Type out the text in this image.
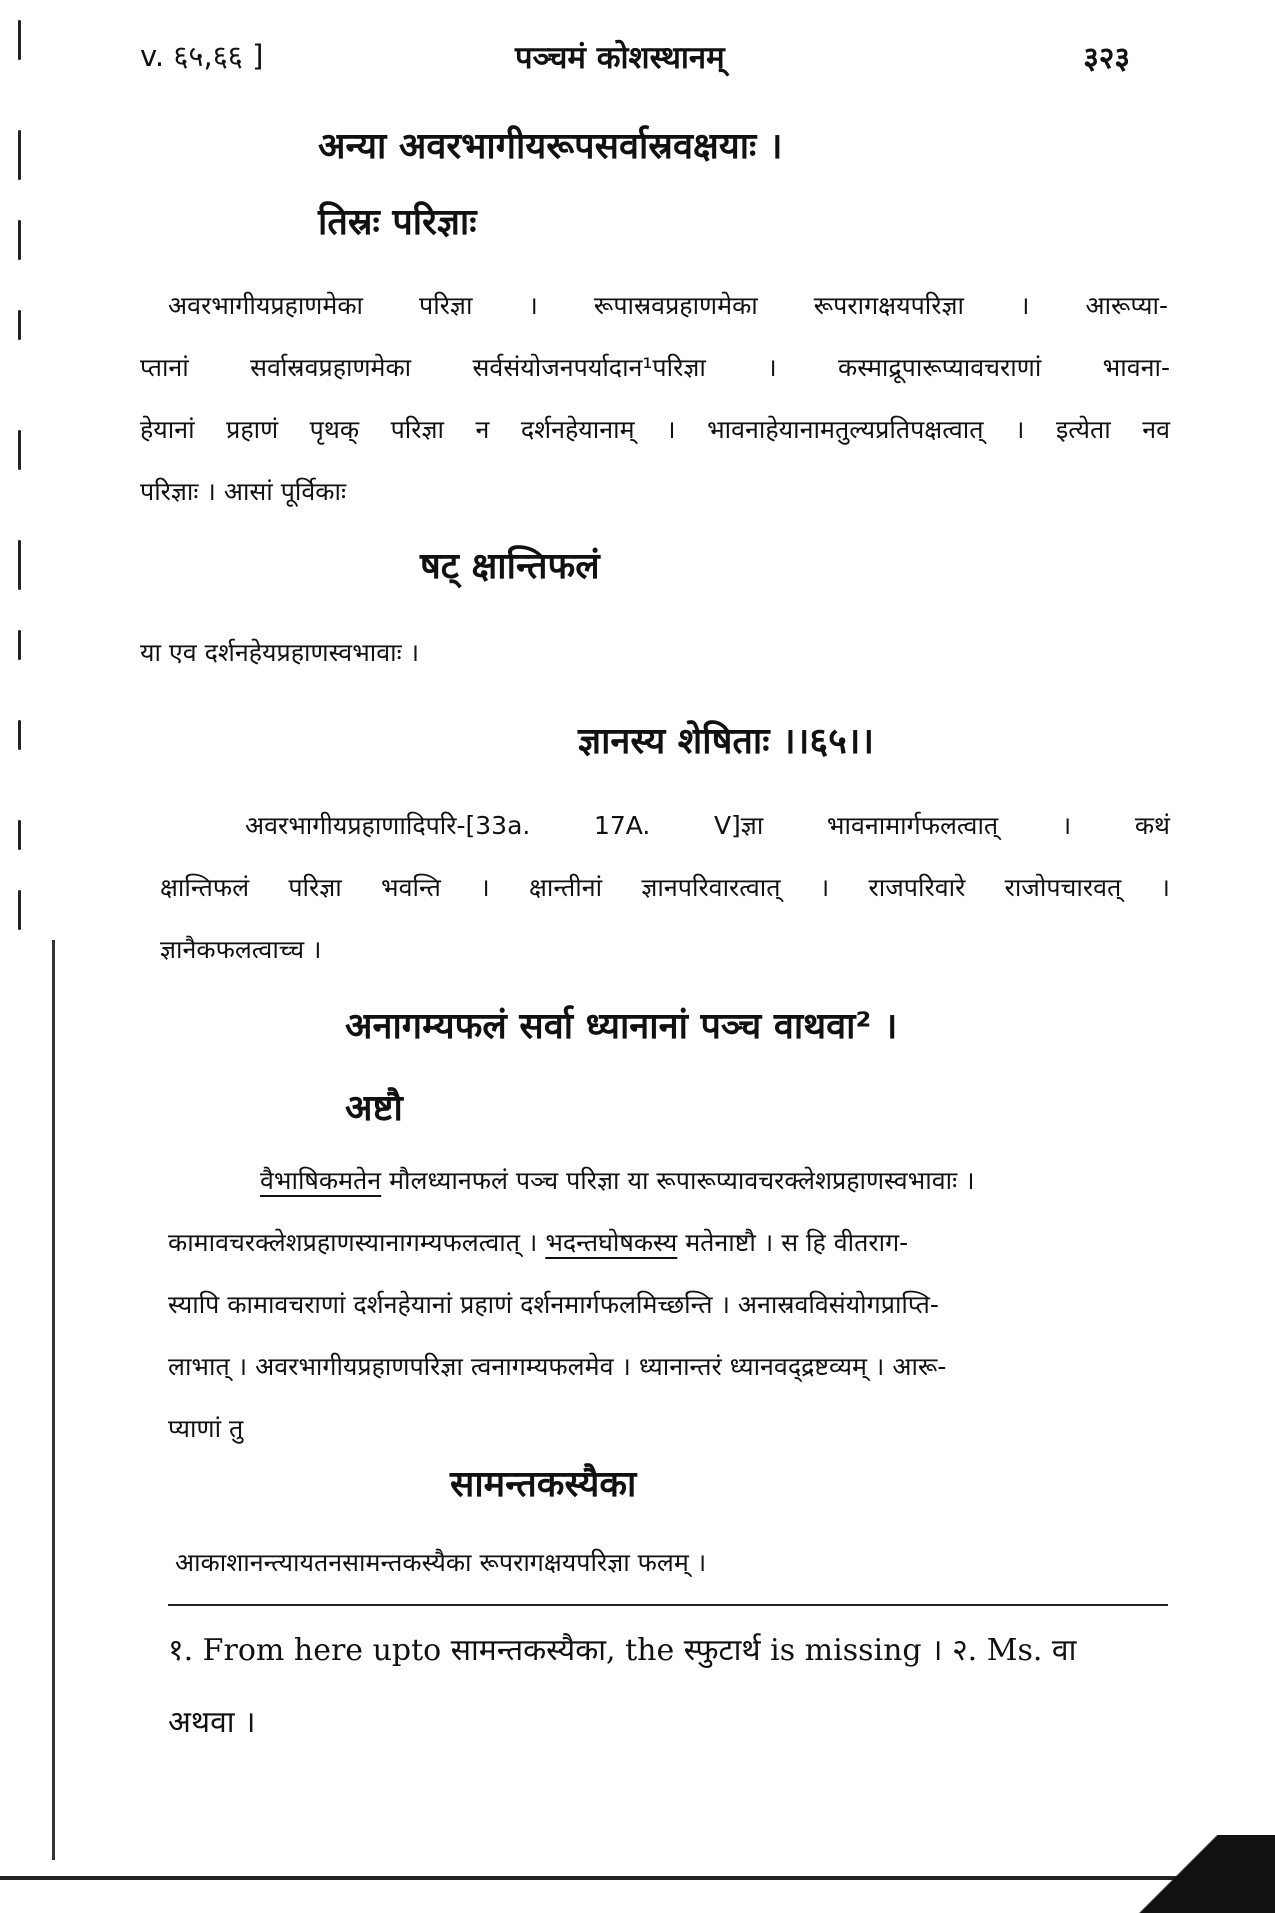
v. ६५,६६ ]	पञ्चमं कोशस्थानम्	३२३
अन्या अवरभागीयरूपसर्वास्रवक्षयाः ।
तिस्रः परिज्ञाः
अवरभागीयप्रहाणमेका परिज्ञा । रूपास्रवप्रहाणमेका रूपरागक्षयपरिज्ञा । आरूप्या-
प्तानां सर्वास्रवप्रहाणमेका सर्वसंयोजनपर्यादान¹परिज्ञा । कस्माद्रूपारूप्यावचराणां भावना-
हेयानां प्रहाणं पृथक् परिज्ञा न दर्शनहेयानाम् । भावनाहेयानामतुल्यप्रतिपक्षत्वात् । इत्येता नव
परिज्ञाः । आसां पूर्विकाः
षट् क्षान्तिफलं
या एव दर्शनहेयप्रहाणस्वभावाः ।
ज्ञानस्य शेषिताः ।।६५।।
अवरभागीयप्रहाणादिपरि-[33a. 17A. V]ज्ञा भावनामार्गफलत्वात् । कथं
क्षान्तिफलं परिज्ञा भवन्ति । क्षान्तीनां ज्ञानपरिवारत्वात् । राजपरिवारे राजोपचारवत् ।
ज्ञानैकफलत्वाच्च ।
अनागम्यफलं सर्वा ध्यानानां पञ्च वाथवा² ।
अष्टौ
वैभाषिकमतेन मौलध्यानफलं पञ्च परिज्ञा या रूपारूप्यावचरक्लेशप्रहाणस्वभावाः ।
कामावचरक्लेशप्रहाणस्यानागम्यफलत्वात् । भदन्तघोषकस्य मतेनाष्टौ । स हि वीतराग-
स्यापि कामावचराणां दर्शनहेयानां प्रहाणं दर्शनमार्गफलमिच्छन्ति । अनास्रवविसंयोगप्राप्ति-
लाभात् । अवरभागीयप्रहाणपरिज्ञा त्वनागम्यफलमेव । ध्यानान्तरं ध्यानवद्द्रष्टव्यम् । आरू-
प्याणां तु
सामन्तकस्यैका
आकाशानन्त्यायतनसामन्तकस्यैका रूपरागक्षयपरिज्ञा फलम् ।
१. From here upto सामन्तकस्यैका, the स्फुटार्थ is missing । २. Ms. वा
अथवा ।
